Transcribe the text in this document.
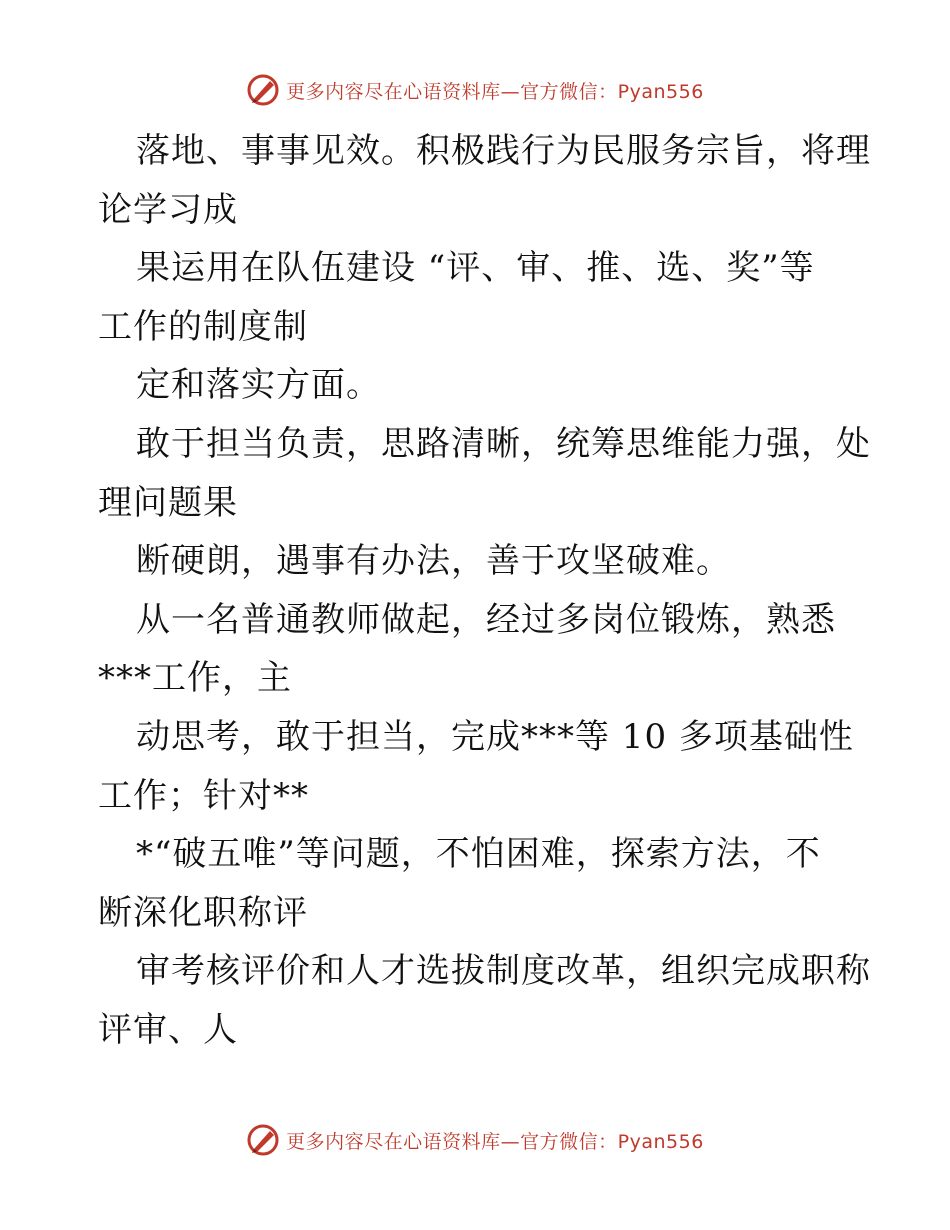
更多内容尽在心语资料库—官方微信：Pyan556
落地、事事见效。积极践行为民服务宗旨，将理
论学习成
果运用在队伍建设 “评、审、推、选、奖”等
工作的制度制
定和落实方面。
敢于担当负责，思路清晰，统筹思维能力强，处
理问题果
断硬朗，遇事有办法，善于攻坚破难。
从一名普通教师做起，经过多岗位锻炼，熟悉
***工作，主
动思考，敢于担当，完成***等 10 多项基础性
工作；针对**
*“破五唯”等问题，不怕困难，探索方法，不
断深化职称评
审考核评价和人才选拔制度改革，组织完成职称
评审、人
更多内容尽在心语资料库—官方微信：Pyan556
